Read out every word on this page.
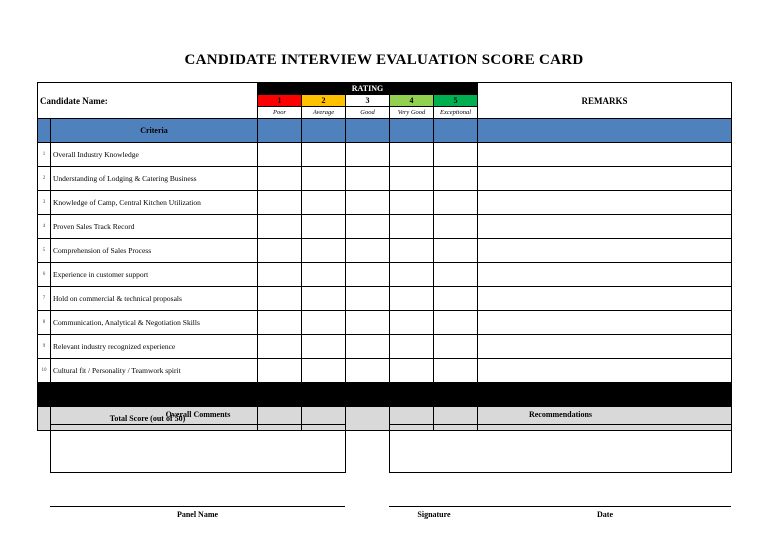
CANDIDATE INTERVIEW EVALUATION SCORE CARD
Candidate Name:		RATING					REMARKS
		1	2	3	4	5	
		Poor	Average	Good	Very Good	Exceptional	
	Criteria						
1	Overall Industry Knowledge						
2	Understanding of Lodging & Catering Business						
3	Knowledge of Camp, Central Kitchen Utilization						
4	Proven Sales Track Record						
5	Comprehension of Sales Process						
6	Experience in customer support						
7	Hold on commercial & technical proposals						
8	Communication, Analytical & Negotiation Skills						
9	Relevant industry recognized experience						
10	Cultural fit / Personality / Teamwork spirit						

Total Score (out of 50)							
Overall Comments	Recommendations
Panel Name	Signature	Date
